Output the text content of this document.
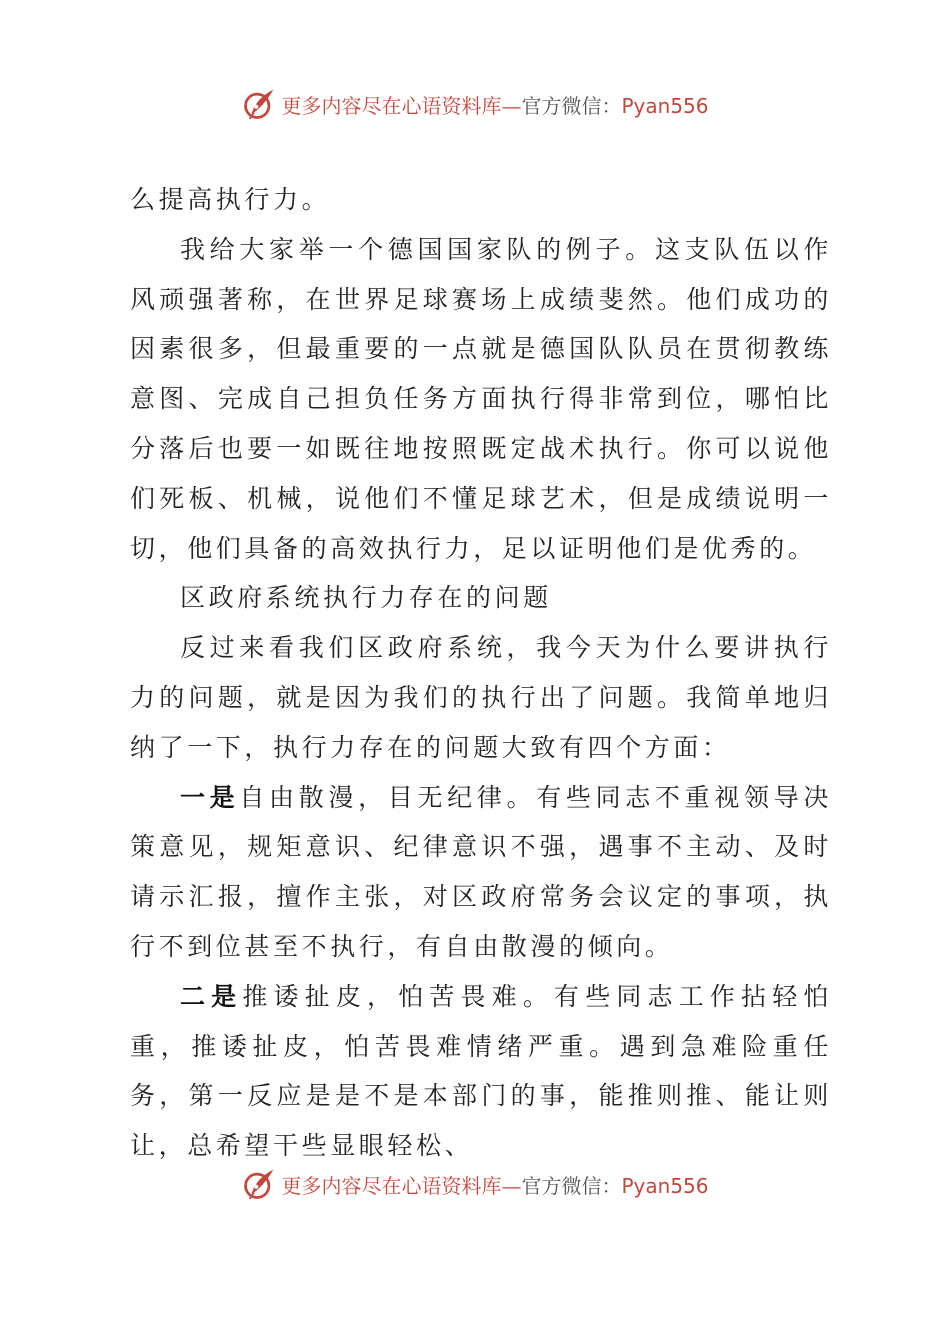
更多内容尽在心语资料库—官方微信：Pyan556

么提高执行力。

我给大家举一个德国国家队的例子。这支队伍以作风顽强著称，在世界足球赛场上成绩斐然。他们成功的因素很多，但最重要的一点就是德国队队员在贯彻教练意图、完成自己担负任务方面执行得非常到位，哪怕比分落后也要一如既往地按照既定战术执行。你可以说他们死板、机械，说他们不懂足球艺术，但是成绩说明一切，他们具备的高效执行力，足以证明他们是优秀的。

区政府系统执行力存在的问题

反过来看我们区政府系统，我今天为什么要讲执行力的问题，就是因为我们的执行出了问题。我简单地归纳了一下，执行力存在的问题大致有四个方面：

一是自由散漫，目无纪律。有些同志不重视领导决策意见，规矩意识、纪律意识不强，遇事不主动、及时请示汇报，擅作主张，对区政府常务会议定的事项，执行不到位甚至不执行，有自由散漫的倾向。

二是推诿扯皮，怕苦畏难。有些同志工作拈轻怕重，推诿扯皮，怕苦畏难情绪严重。遇到急难险重任务，第一反应是是不是本部门的事，能推则推、能让则让，总希望干些显眼轻松、

更多内容尽在心语资料库—官方微信：Pyan556
